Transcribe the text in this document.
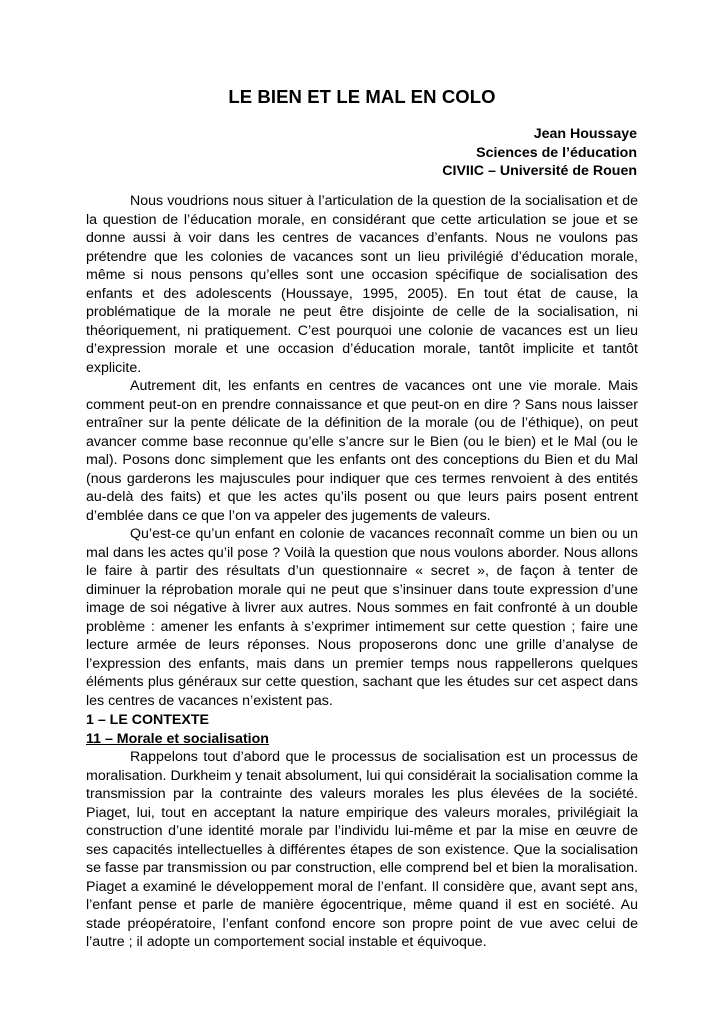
LE BIEN ET LE MAL EN COLO
Jean Houssaye
Sciences de l’éducation
CIVIIC – Université de Rouen

Nous voudrions nous situer à l’articulation de la question de la socialisation et de la question de l’éducation morale, en considérant que cette articulation se joue et se donne aussi à voir dans les centres de vacances d’enfants. Nous ne voulons pas prétendre que les colonies de vacances sont un lieu privilégié d’éducation morale, même si nous pensons qu’elles sont une occasion spécifique de socialisation des enfants et des adolescents (Houssaye, 1995, 2005). En tout état de cause, la problématique de la morale ne peut être disjointe de celle de la socialisation, ni théoriquement, ni pratiquement. C’est pourquoi une colonie de vacances est un lieu d’expression morale et une occasion d’éducation morale, tantôt implicite et tantôt explicite.

Autrement dit, les enfants en centres de vacances ont une vie morale. Mais comment peut-on en prendre connaissance et que peut-on en dire ? Sans nous laisser entraîner sur la pente délicate de la définition de la morale (ou de l’éthique), on peut avancer comme base reconnue qu’elle s’ancre sur le Bien (ou le bien) et le Mal (ou le mal). Posons donc simplement que les enfants ont des conceptions du Bien et du Mal (nous garderons les majuscules pour indiquer que ces termes renvoient à des entités au-delà des faits) et que les actes qu’ils posent ou que leurs pairs posent entrent d’emblée dans ce que l’on va appeler des jugements de valeurs.

Qu’est-ce qu’un enfant en colonie de vacances reconnaît comme un bien ou un mal dans les actes qu’il pose ? Voilà la question que nous voulons aborder. Nous allons le faire à partir des résultats d’un questionnaire « secret », de façon à tenter de diminuer la réprobation morale qui ne peut que s’insinuer dans toute expression d’une image de soi négative à livrer aux autres. Nous sommes en fait confronté à un double problème : amener les enfants à s’exprimer intimement sur cette question ; faire une lecture armée de leurs réponses. Nous proposerons donc une grille d’analyse de l’expression des enfants, mais dans un premier temps nous rappellerons quelques éléments plus généraux sur cette question, sachant que les études sur cet aspect dans les centres de vacances n’existent pas.

1 – LE CONTEXTE
11 – Morale et socialisation

Rappelons tout d’abord que le processus de socialisation est un processus de moralisation. Durkheim y tenait absolument, lui qui considérait la socialisation comme la transmission par la contrainte des valeurs morales les plus élevées de la société. Piaget, lui, tout en acceptant la nature empirique des valeurs morales, privilégiait la construction d’une identité morale par l’individu lui-même et par la mise en œuvre de ses capacités intellectuelles à différentes étapes de son existence. Que la socialisation se fasse par transmission ou par construction, elle comprend bel et bien la moralisation. Piaget a examiné le développement moral de l’enfant. Il considère que, avant sept ans, l’enfant pense et parle de manière égocentrique, même quand il est en société. Au stade préopératoire, l’enfant confond encore son propre point de vue avec celui de l’autre ; il adopte un comportement social instable et équivoque.
